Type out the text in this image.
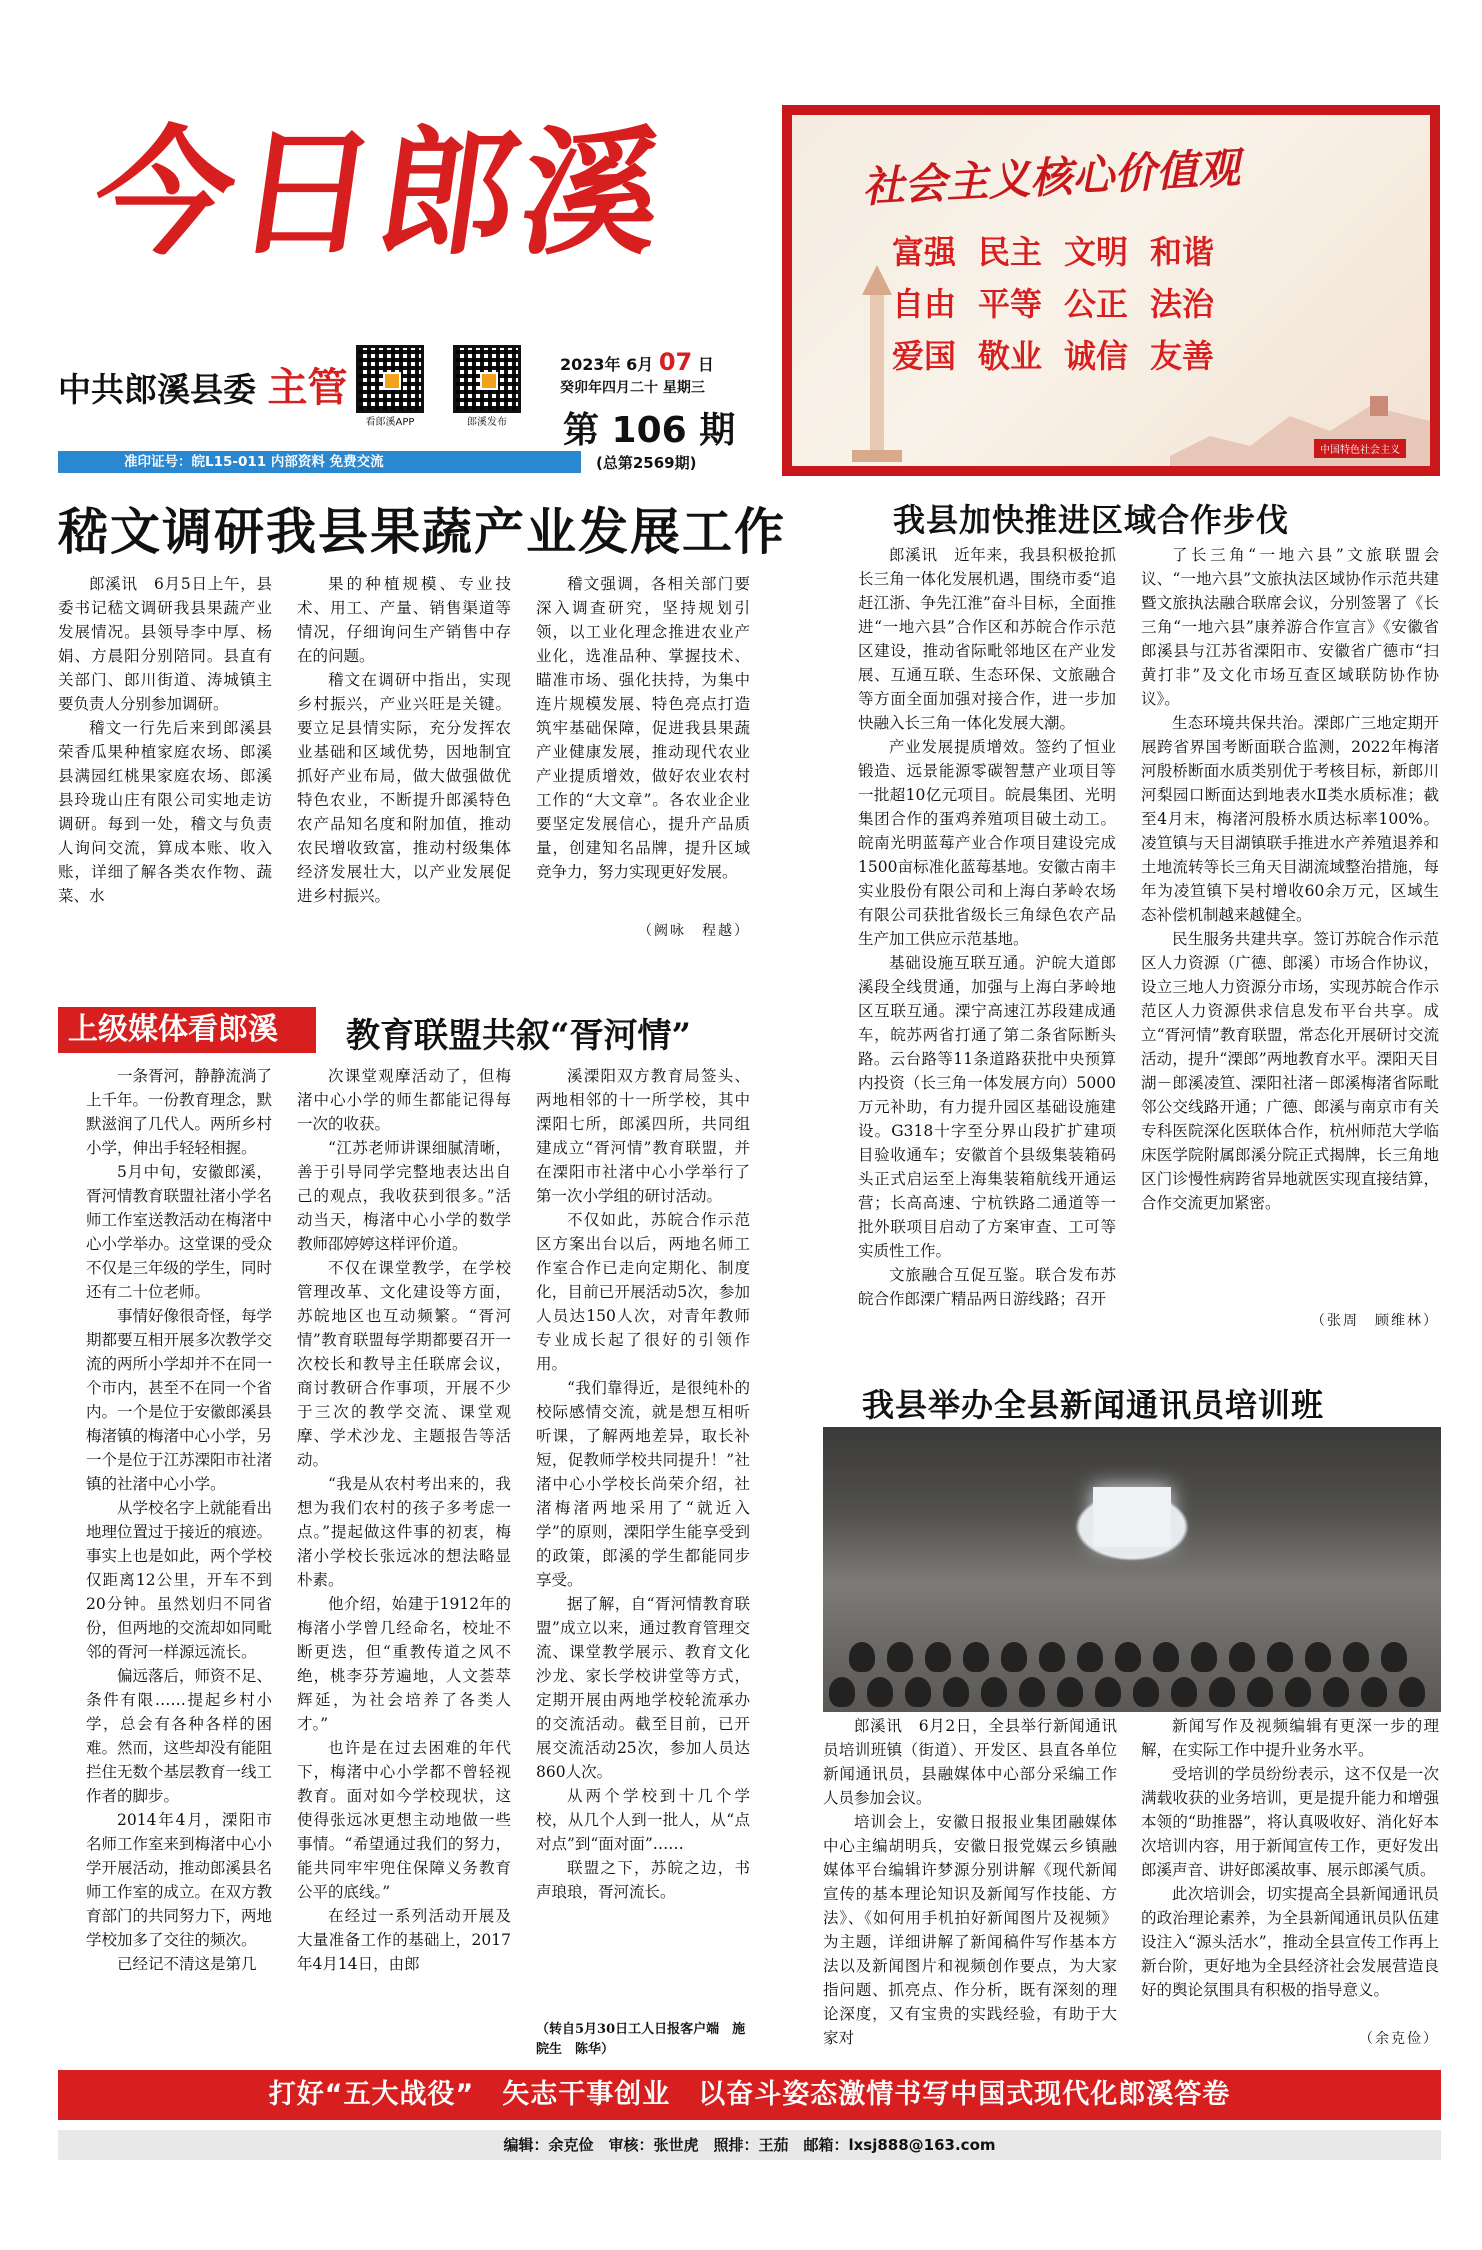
今日郎溪
中共郎溪县委 主管
看郎溪APP	郎溪发布
2023年 6月 07 日
癸卯年四月二十 星期三
第 106 期
(总第2569期)
准印证号：皖L15-011 内部资料 免费交流
社会主义核心价值观
富强 民主 文明 和谐
自由 平等 公正 法治
爱国 敬业 诚信 友善
中国特色社会主义
嵇文调研我县果蔬产业发展工作

郎溪讯　6月5日上午，县委书记嵇文调研我县果蔬产业发展情况。县领导李中厚、杨娟、方晨阳分别陪同。县直有关部门、郎川街道、涛城镇主要负责人分别参加调研。

稽文一行先后来到郎溪县荣香瓜果种植家庭农场、郎溪县满园红桃果家庭农场、郎溪县玲珑山庄有限公司实地走访调研。每到一处，稽文与负责人询问交流，算成本账、收入账，详细了解各类农作物、蔬菜、水

果的种植规模、专业技术、用工、产量、销售渠道等情况，仔细询问生产销售中存在的问题。

稽文在调研中指出，实现乡村振兴，产业兴旺是关键。要立足县情实际，充分发挥农业基础和区域优势，因地制宜抓好产业布局，做大做强做优特色农业，不断提升郎溪特色农产品知名度和附加值，推动农民增收致富，推动村级集体经济发展壮大，以产业发展促进乡村振兴。

稽文强调，各相关部门要深入调查研究，坚持规划引领，以工业化理念推进农业产业化，选准品种、掌握技术、瞄准市场、强化扶持，为集中连片规模发展、特色亮点打造筑牢基础保障，促进我县果蔬产业健康发展，推动现代农业产业提质增效，做好农业农村工作的“大文章”。各农业企业要坚定发展信心，提升产品质量，创建知名品牌，提升区域竞争力，努力实现更好发展。

（阙咏　程越）
我县加快推进区域合作步伐

郎溪讯　近年来，我县积极抢抓长三角一体化发展机遇，围绕市委“追赶江浙、争先江淮”奋斗目标，全面推进“一地六县”合作区和苏皖合作示范区建设，推动省际毗邻地区在产业发展、互通互联、生态环保、文旅融合等方面全面加强对接合作，进一步加快融入长三角一体化发展大潮。

产业发展提质增效。签约了恒业锻造、远景能源零碳智慧产业项目等一批超10亿元项目。皖晨集团、光明集团合作的蛋鸡养殖项目破土动工。皖南光明蓝莓产业合作项目建设完成1500亩标准化蓝莓基地。安徽古南丰实业股份有限公司和上海白茅岭农场有限公司获批省级长三角绿色农产品生产加工供应示范基地。

基础设施互联互通。沪皖大道郎溪段全线贯通，加强与上海白茅岭地区互联互通。溧宁高速江苏段建成通车，皖苏两省打通了第二条省际断头路。云台路等11条道路获批中央预算内投资（长三角一体发展方向）5000万元补助，有力提升园区基础设施建设。G318十字至分界山段扩扩建项目验收通车；安徽首个县级集装箱码头正式启运至上海集装箱航线开通运营；长高高速、宁杭铁路二通道等一批外联项目启动了方案审查、工可等实质性工作。

文旅融合互促互鉴。联合发布苏皖合作郎溧广精品两日游线路；召开

了长三角“一地六县”文旅联盟会议、“一地六县”文旅执法区域协作示范共建暨文旅执法融合联席会议，分别签署了《长三角“一地六县”康养游合作宣言》《安徽省郎溪县与江苏省溧阳市、安徽省广德市“扫黄打非”及文化市场互查区域联防协作协议》。

生态环境共保共治。溧郎广三地定期开展跨省界国考断面联合监测，2022年梅渚河殷桥断面水质类别优于考核目标，新郎川河梨园口断面达到地表水Ⅱ类水质标准；截至4月末，梅渚河殷桥水质达标率100%。凌笪镇与天目湖镇联手推进水产养殖退养和土地流转等长三角天目湖流域整治措施，每年为凌笪镇下吴村增收60余万元，区域生态补偿机制越来越健全。

民生服务共建共享。签订苏皖合作示范区人力资源（广德、郎溪）市场合作协议，设立三地人力资源分市场，实现苏皖合作示范区人力资源供求信息发布平台共享。成立“胥河情”教育联盟，常态化开展研讨交流活动，提升“溧郎”两地教育水平。溧阳天目湖－郎溪凌笪、溧阳社渚－郎溪梅渚省际毗邻公交线路开通；广德、郎溪与南京市有关专科医院深化医联体合作，杭州师范大学临床医学院附属郎溪分院正式揭牌，长三角地区门诊慢性病跨省异地就医实现直接结算，合作交流更加紧密。

（张周　顾维林）
上级媒体看郎溪	教育联盟共叙“胥河情”

一条胥河，静静流淌了上千年。一份教育理念，默默滋润了几代人。两所乡村小学，伸出手轻轻相握。

5月中旬，安徽郎溪，胥河情教育联盟社渚小学名师工作室送教活动在梅渚中心小学举办。这堂课的受众不仅是三年级的学生，同时还有二十位老师。

事情好像很奇怪，每学期都要互相开展多次教学交流的两所小学却并不在同一个市内，甚至不在同一个省内。一个是位于安徽郎溪县梅渚镇的梅渚中心小学，另一个是位于江苏溧阳市社渚镇的社渚中心小学。

从学校名字上就能看出地理位置过于接近的痕迹。事实上也是如此，两个学校仅距离12公里，开车不到20分钟。虽然划归不同省份，但两地的交流却如同毗邻的胥河一样源远流长。

偏远落后，师资不足、条件有限……提起乡村小学，总会有各种各样的困难。然而，这些却没有能阻拦住无数个基层教育一线工作者的脚步。

2014年4月，溧阳市名师工作室来到梅渚中心小学开展活动，推动郎溪县名师工作室的成立。在双方教育部门的共同努力下，两地学校加多了交往的频次。

已经记不清这是第几

次课堂观摩活动了，但梅渚中心小学的师生都能记得每一次的收获。

“江苏老师讲课细腻清晰，善于引导同学完整地表达出自己的观点，我收获到很多。”活动当天，梅渚中心小学的数学教师邵婷婷这样评价道。

不仅在课堂教学，在学校管理改革、文化建设等方面，苏皖地区也互动频繁。“胥河情”教育联盟每学期都要召开一次校长和教导主任联席会议，商讨教研合作事项，开展不少于三次的教学交流、课堂观摩、学术沙龙、主题报告等活动。

“我是从农村考出来的，我想为我们农村的孩子多考虑一点。”提起做这件事的初衷，梅渚小学校长张远冰的想法略显朴素。

他介绍，始建于1912年的梅渚小学曾几经命名，校址不断更迭，但“重教传道之风不绝，桃李芬芳遍地，人文荟萃辉延，为社会培养了各类人才。”

也许是在过去困难的年代下，梅渚中心小学都不曾轻视教育。面对如今学校现状，这使得张远冰更想主动地做一些事情。“希望通过我们的努力，能共同牢牢兜住保障义务教育公平的底线。”

在经过一系列活动开展及大量准备工作的基础上，2017年4月14日，由郎

溪溧阳双方教育局签头、两地相邻的十一所学校，其中溧阳七所，郎溪四所，共同组建成立“胥河情”教育联盟，并在溧阳市社渚中心小学举行了第一次小学组的研讨活动。

不仅如此，苏皖合作示范区方案出台以后，两地名师工作室合作已走向定期化、制度化，目前已开展活动5次，参加人员达150人次，对青年教师专业成长起了很好的引领作用。

“我们靠得近，是很纯朴的校际感情交流，就是想互相听听课，了解两地差异，取长补短，促教师学校共同提升！”社渚中心小学校长尚荣介绍，社渚梅渚两地采用了“就近入学”的原则，溧阳学生能享受到的政策，郎溪的学生都能同步享受。

据了解，自“胥河情教育联盟”成立以来，通过教育管理交流、课堂教学展示、教育文化沙龙、家长学校讲堂等方式，定期开展由两地学校轮流承办的交流活动。截至目前，已开展交流活动25次，参加人员达860人次。

从两个学校到十几个学校，从几个人到一批人，从“点对点”到“面对面”……

联盟之下，苏皖之边，书声琅琅，胥河流长。

（转自5月30日工人日报客户端　施院生　陈华）
我县举办全县新闻通讯员培训班

郎溪讯　6月2日，全县举行新闻通讯员培训班镇（街道）、开发区、县直各单位新闻通讯员，县融媒体中心部分采编工作人员参加会议。

培训会上，安徽日报报业集团融媒体中心主编胡明兵，安徽日报党媒云乡镇融媒体平台编辑许梦源分别讲解《现代新闻宣传的基本理论知识及新闻写作技能、方法》、《如何用手机拍好新闻图片及视频》为主题，详细讲解了新闻稿件写作基本方法以及新闻图片和视频创作要点，为大家指问题、抓亮点、作分析，既有深刻的理论深度，又有宝贵的实践经验，有助于大家对

新闻写作及视频编辑有更深一步的理解，在实际工作中提升业务水平。

受培训的学员纷纷表示，这不仅是一次满载收获的业务培训，更是提升能力和增强本领的“助推器”，将认真吸收好、消化好本次培训内容，用于新闻宣传工作，更好发出郎溪声音、讲好郎溪故事、展示郎溪气质。

此次培训会，切实提高全县新闻通讯员的政治理论素养，为全县新闻通讯员队伍建设注入“源头活水”，推动全县宣传工作再上新台阶，更好地为全县经济社会发展营造良好的舆论氛围具有积极的指导意义。

（余克俭）
打好“五大战役”　矢志干事创业　以奋斗姿态激情书写中国式现代化郎溪答卷
编辑：余克俭　审核：张世虎　照排：王茄　邮箱：lxsj888@163.com
